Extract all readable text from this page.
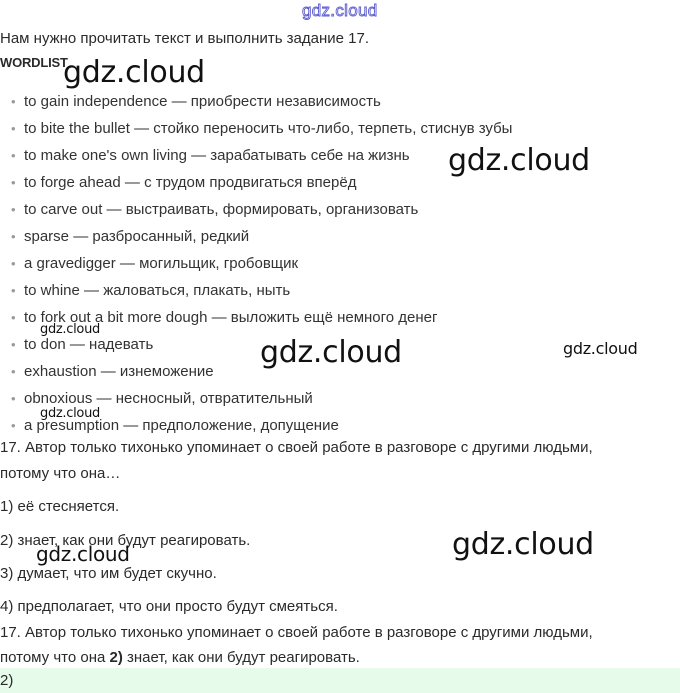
gdz.cloud
Нам нужно прочитать текст и выполнить задание 17.
WORDLIST
• to gain independence — приобрести независимость
• to bite the bullet — стойко переносить что-либо, терпеть, стиснув зубы
• to make one's own living — зарабатывать себе на жизнь
• to forge ahead — с трудом продвигаться вперёд
• to carve out — выстраивать, формировать, организовать
• sparse — разбросанный, редкий
• a gravedigger — могильщик, гробовщик
• to whine — жаловаться, плакать, ныть
• to fork out a bit more dough — выложить ещё немного денег
• to don — надевать
• exhaustion — изнеможение
• obnoxious — несносный, отвратительный
• a presumption — предположение, допущение
17. Автор только тихонько упоминает о своей работе в разговоре с другими людьми,
потому что она…
1) её стесняется.
2) знает, как они будут реагировать.
3) думает, что им будет скучно.
4) предполагает, что они просто будут смеяться.
17. Автор только тихонько упоминает о своей работе в разговоре с другими людьми,
потому что она 2) знает, как они будут реагировать.
2)
gdz.cloud
gdz.cloud
gdz.cloud
gdz.cloud	gdz.cloud
gdz.cloud
gdz.cloud
gdz.cloud
